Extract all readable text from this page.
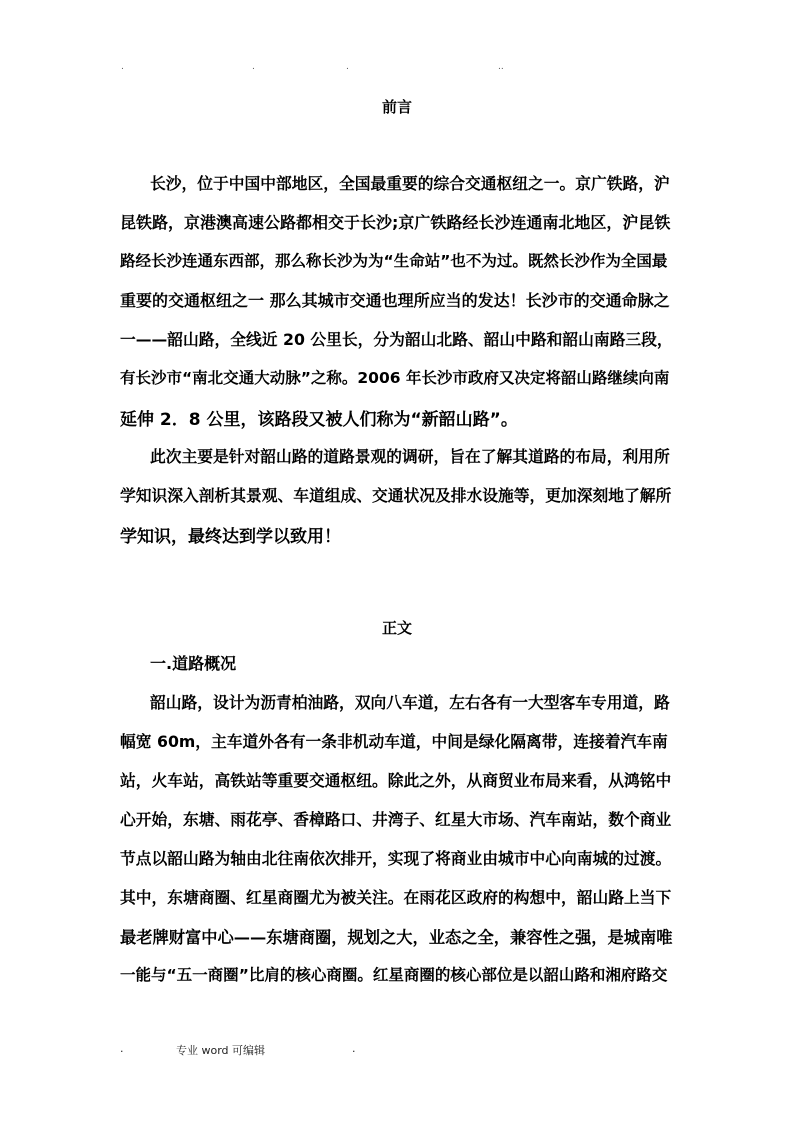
.	.	.	..
前言
长沙，位于中国中部地区，全国最重要的综合交通枢纽之一。京广铁路，沪
昆铁路，京港澳高速公路都相交于长沙;京广铁路经长沙连通南北地区，沪昆铁
路经长沙连通东西部，那么称长沙为为“生命站”也不为过。既然长沙作为全国最
重要的交通枢纽之一 那么其城市交通也理所应当的发达！长沙市的交通命脉之
一——韶山路，全线近 20 公里长，分为韶山北路、韶山中路和韶山南路三段，
有长沙市“南北交通大动脉”之称。2006 年长沙市政府又决定将韶山路继续向南
延伸 2．8 公里，该路段又被人们称为“新韶山路”。
此次主要是针对韶山路的道路景观的调研，旨在了解其道路的布局，利用所
学知识深入剖析其景观、车道组成、交通状况及排水设施等，更加深刻地了解所
学知识，最终达到学以致用！
正文
一.道路概况
韶山路，设计为沥青柏油路，双向八车道，左右各有一大型客车专用道，路
幅宽 60m，主车道外各有一条非机动车道，中间是绿化隔离带，连接着汽车南
站，火车站，高铁站等重要交通枢纽。除此之外，从商贸业布局来看，从鸿铭中
心开始，东塘、雨花亭、香樟路口、井湾子、红星大市场、汽车南站，数个商业
节点以韶山路为轴由北往南依次排开，实现了将商业由城市中心向南城的过渡。
其中，东塘商圈、红星商圈尤为被关注。在雨花区政府的构想中，韶山路上当下
最老牌财富中心——东塘商圈，规划之大，业态之全，兼容性之强，是城南唯
一能与“五一商圈”比肩的核心商圈。红星商圈的核心部位是以韶山路和湘府路交
.	专业 word 可编辑	.
